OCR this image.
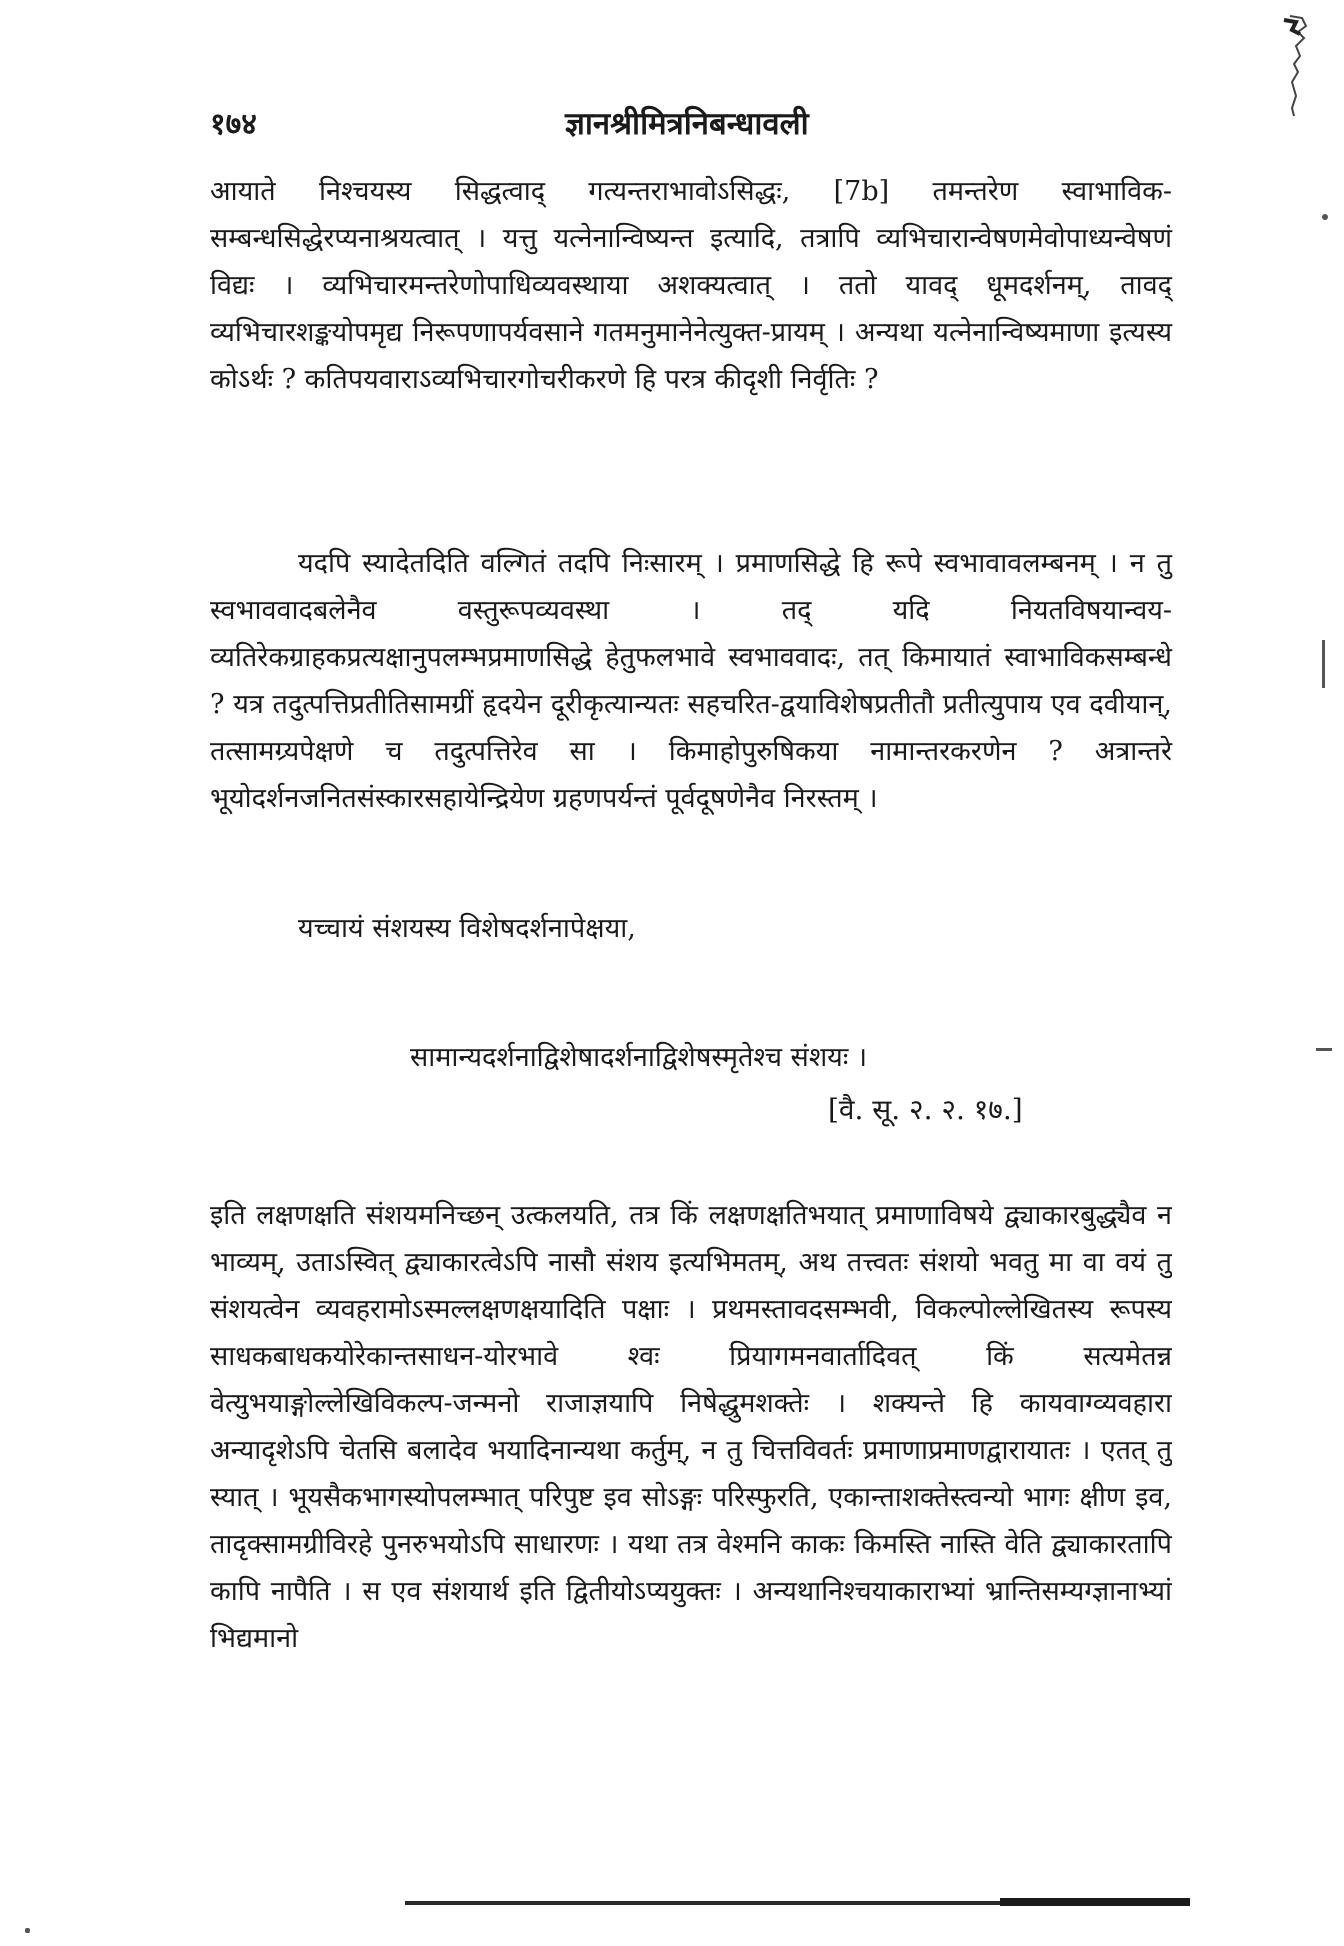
१७४	ज्ञानश्रीमित्रनिबन्धावली

आयाते निश्चयस्य सिद्धत्वाद् गत्यन्तराभावोऽसिद्धः, [7b] तमन्तरेण स्वाभाविक-सम्बन्धसिद्धेरप्यनाश्रयत्वात् । यत्तु यत्नेनान्विष्यन्त इत्यादि, तत्रापि व्यभिचारान्वेषणमेवोपाध्यन्वेषणं विद्यः । व्यभिचारमन्तरेणोपाधिव्यवस्थाया अशक्यत्वात् । ततो यावद् धूमदर्शनम्, तावद् व्यभिचारशङ्कयोपमृद्य निरूपणापर्यवसाने गतमनुमानेनेत्युक्त-प्रायम् । अन्यथा यत्नेनान्विष्यमाणा इत्यस्य कोऽर्थः ? कतिपयवाराऽव्यभिचारगोचरीकरणे हि परत्र कीदृशी निर्वृतिः ?

यदपि स्यादेतदिति वल्गितं तदपि निःसारम् । प्रमाणसिद्धे हि रूपे स्वभावावलम्बनम् । न तु स्वभाववादबलेनैव वस्तुरूपव्यवस्था । तद् यदि नियतविषयान्वय-व्यतिरेकग्राहकप्रत्यक्षानुपलम्भप्रमाणसिद्धे हेतुफलभावे स्वभाववादः, तत् किमायातं स्वाभाविकसम्बन्धे ? यत्र तदुत्पत्तिप्रतीतिसामग्रीं हृदयेन दूरीकृत्यान्यतः सहचरित-द्वयाविशेषप्रतीतौ प्रतीत्युपाय एव दवीयान्, तत्सामग्र्यपेक्षणे च तदुत्पत्तिरेव सा । किमाहोपुरुषिकया नामान्तरकरणेन ? अत्रान्तरे भूयोदर्शनजनितसंस्कारसहायेन्द्रियेण ग्रहणपर्यन्तं पूर्वदूषणेनैव निरस्तम् ।

यच्चायं संशयस्य विशेषदर्शनापेक्षया,

सामान्यदर्शनाद्विशेषादर्शनाद्विशेषस्मृतेश्च संशयः ।

[वै. सू. २. २. १७.]

इति लक्षणक्षति संशयमनिच्छन् उत्कलयति, तत्र किं लक्षणक्षतिभयात् प्रमाणाविषये द्व्याकारबुद्ध्यैव न भाव्यम्, उताऽस्वित् द्व्याकारत्वेऽपि नासौ संशय इत्यभिमतम्, अथ तत्त्वतः संशयो भवतु मा वा वयं तु संशयत्वेन व्यवहरामोऽस्मल्लक्षणक्षयादिति पक्षाः । प्रथमस्तावदसम्भवी, विकल्पोल्लेखितस्य रूपस्य साधकबाधकयोरेकान्तसाधन-योरभावे श्वः प्रियागमनवार्तादिवत् किं सत्यमेतन्न वेत्युभयाङ्गोल्लेखिविकल्प-जन्मनो राजाज्ञयापि निषेद्धुमशक्तेः । शक्यन्ते हि कायवाग्व्यवहारा अन्यादृशेऽपि चेतसि बलादेव भयादिनान्यथा कर्तुम्, न तु चित्तविवर्तः प्रमाणाप्रमाणद्वारायातः । एतत् तु स्यात् । भूयसैकभागस्योपलम्भात् परिपुष्ट इव सोऽङ्गः परिस्फुरति, एकान्ताशक्तेस्त्वन्यो भागः क्षीण इव, तादृक्सामग्रीविरहे पुनरुभयोऽपि साधारणः । यथा तत्र वेश्मनि काकः किमस्ति नास्ति वेति द्व्याकारतापि कापि नापैति । स एव संशयार्थ इति द्वितीयोऽप्ययुक्तः । अन्यथानिश्चयाकाराभ्यां भ्रान्तिसम्यग्ज्ञानाभ्यां भिद्यमानो
